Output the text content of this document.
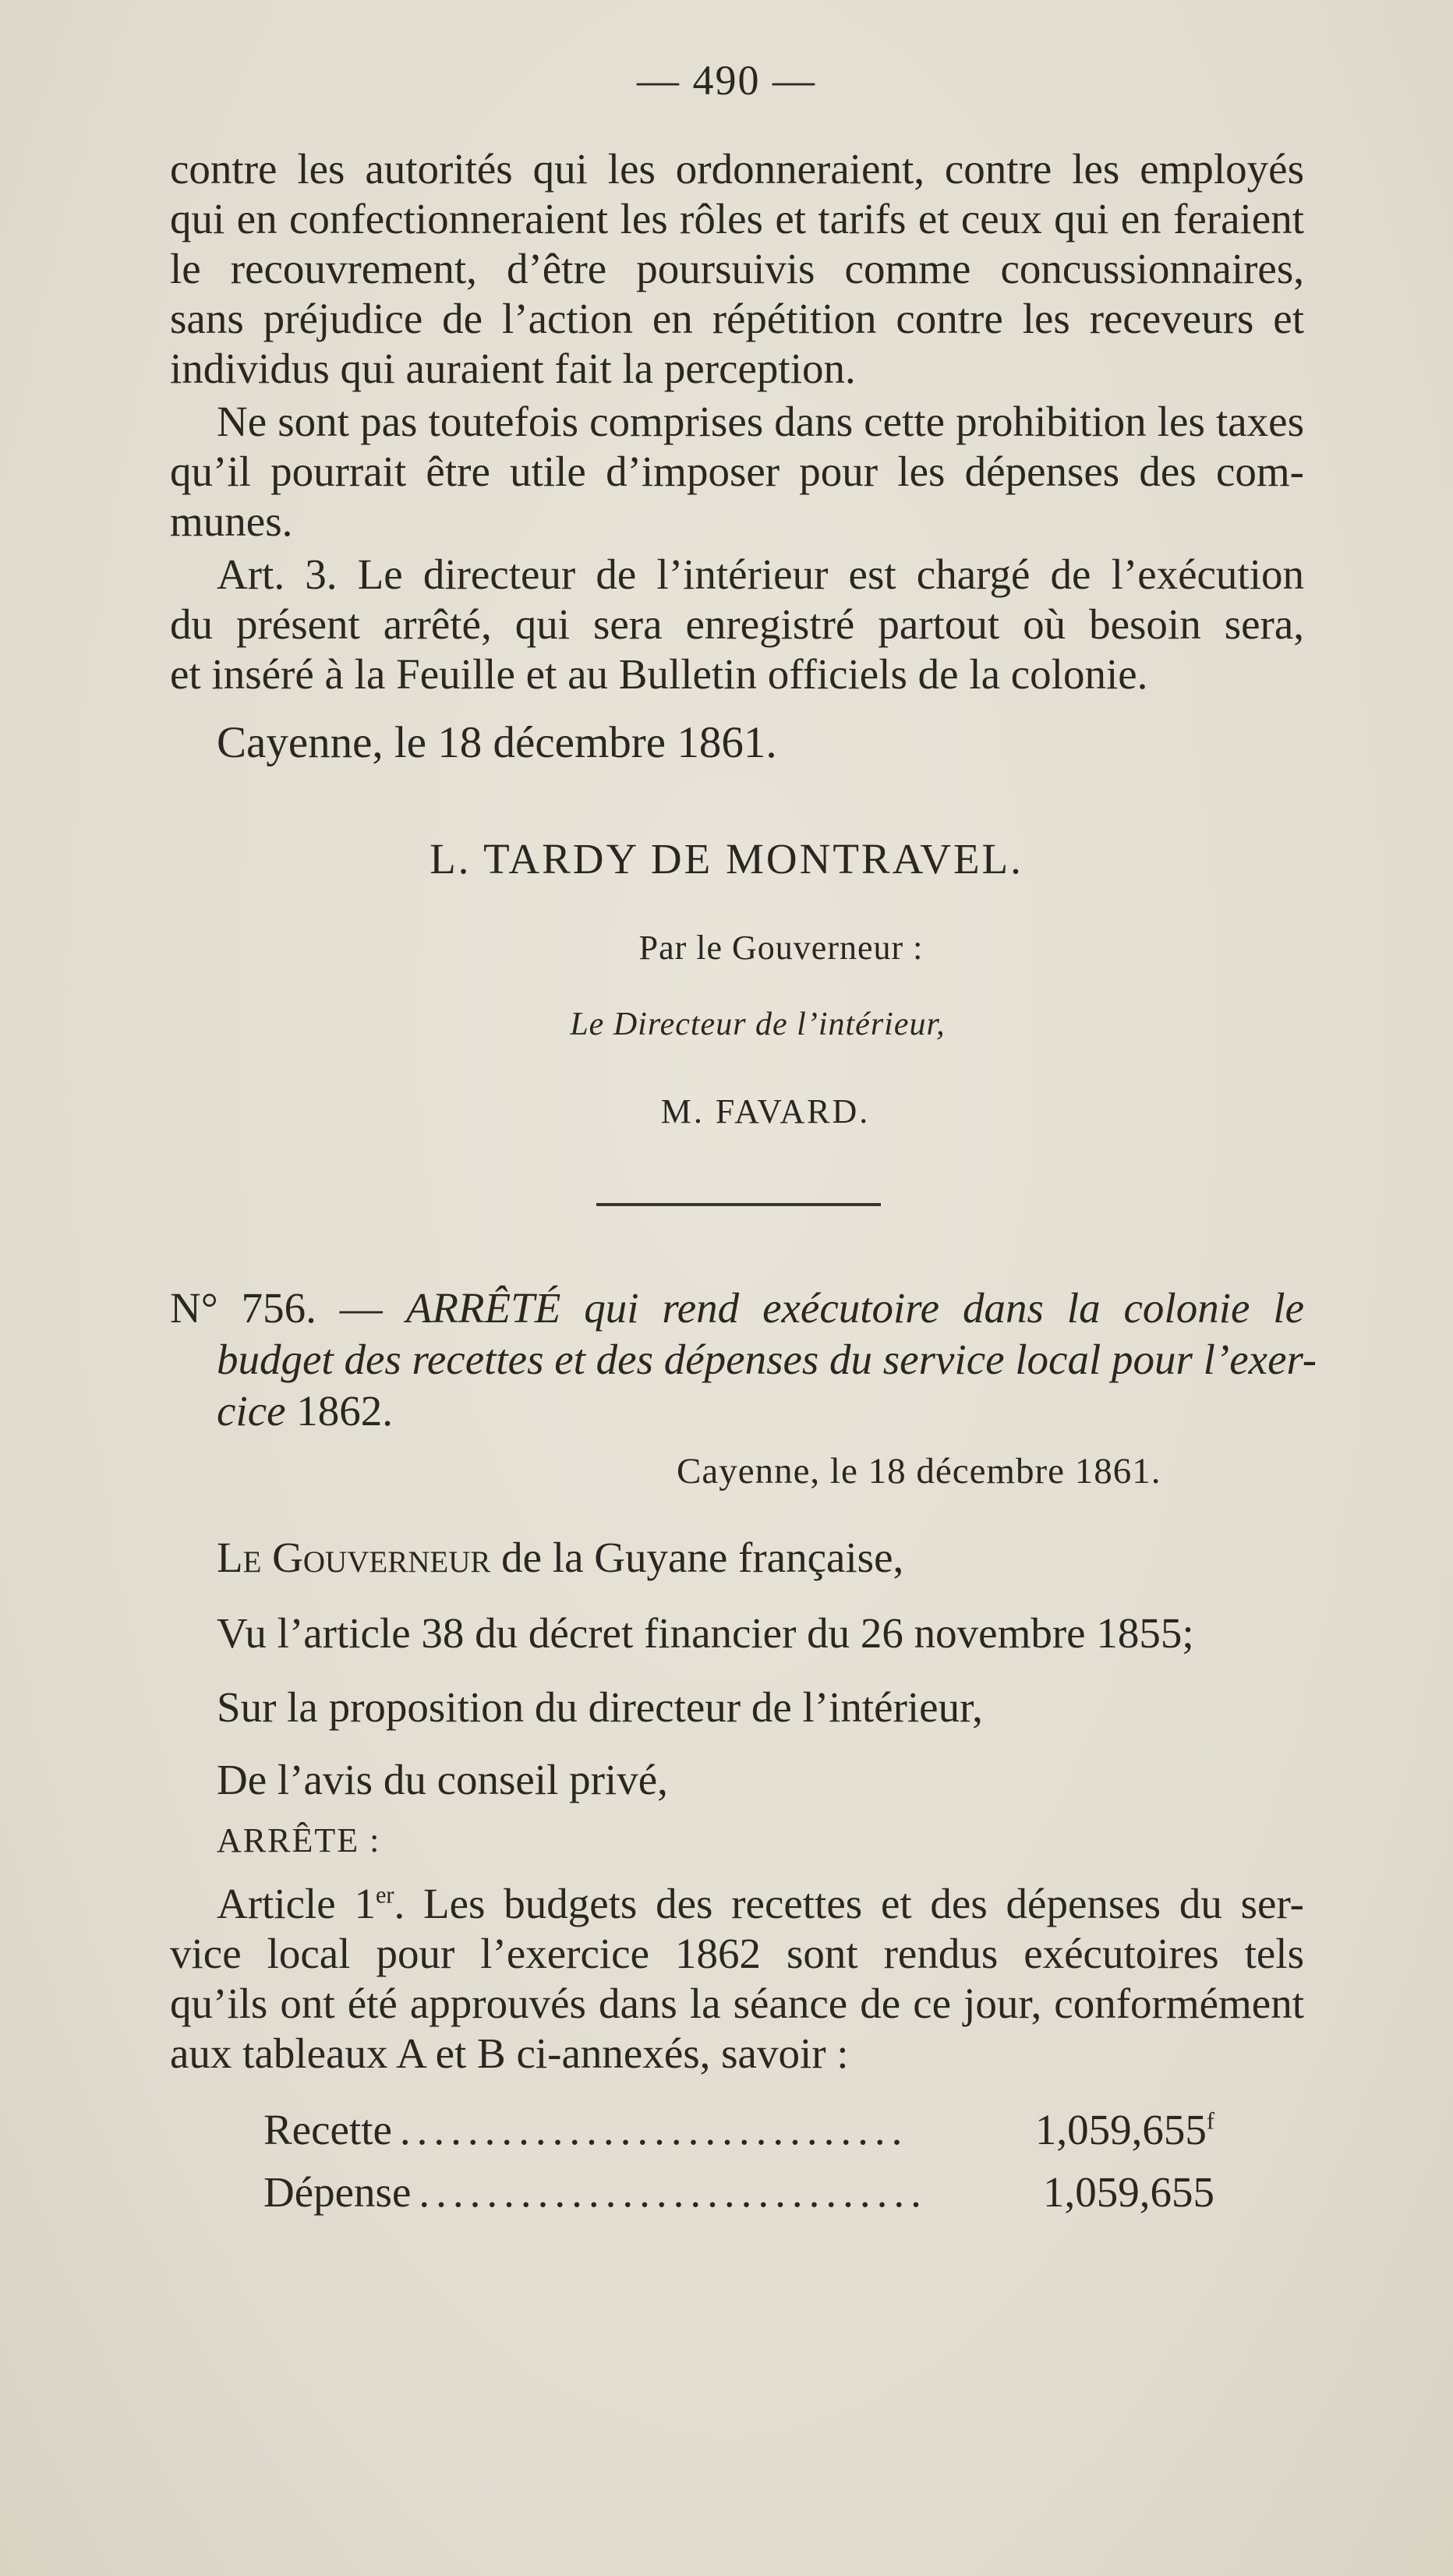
— 490 —
contre les autorités qui les ordonneraient, contre les employés
qui en confectionneraient les rôles et tarifs et ceux qui en feraient
le recouvrement, d’être poursuivis comme concussionnaires,
sans préjudice de l’action en répétition contre les receveurs et
individus qui auraient fait la perception.
Ne sont pas toutefois comprises dans cette prohibition les taxes
qu’il pourrait être utile d’imposer pour les dépenses des com-
munes.
Art. 3. Le directeur de l’intérieur est chargé de l’exécution
du présent arrêté, qui sera enregistré partout où besoin sera,
et inséré à la Feuille et au Bulletin officiels de la colonie.
Cayenne, le 18 décembre 1861.
L. TARDY DE MONTRAVEL.
Par le Gouverneur :
Le Directeur de l’intérieur,
M. FAVARD.
N° 756. — ARRÊTÉ qui rend exécutoire dans la colonie le
budget des recettes et des dépenses du service local pour l’exer-
cice 1862.
Cayenne, le 18 décembre 1861.
Le Gouverneur de la Guyane française,
Vu l’article 38 du décret financier du 26 novembre 1855;
Sur la proposition du directeur de l’intérieur,
De l’avis du conseil privé,
ARRÊTE :
Article 1er. Les budgets des recettes et des dépenses du ser-
vice local pour l’exercice 1862 sont rendus exécutoires tels
qu’ils ont été approuvés dans la séance de ce jour, conformément
aux tableaux A et B ci-annexés, savoir :
Recette ..............................	1,059,655$^f$
Dépense ..............................	1,059,655
